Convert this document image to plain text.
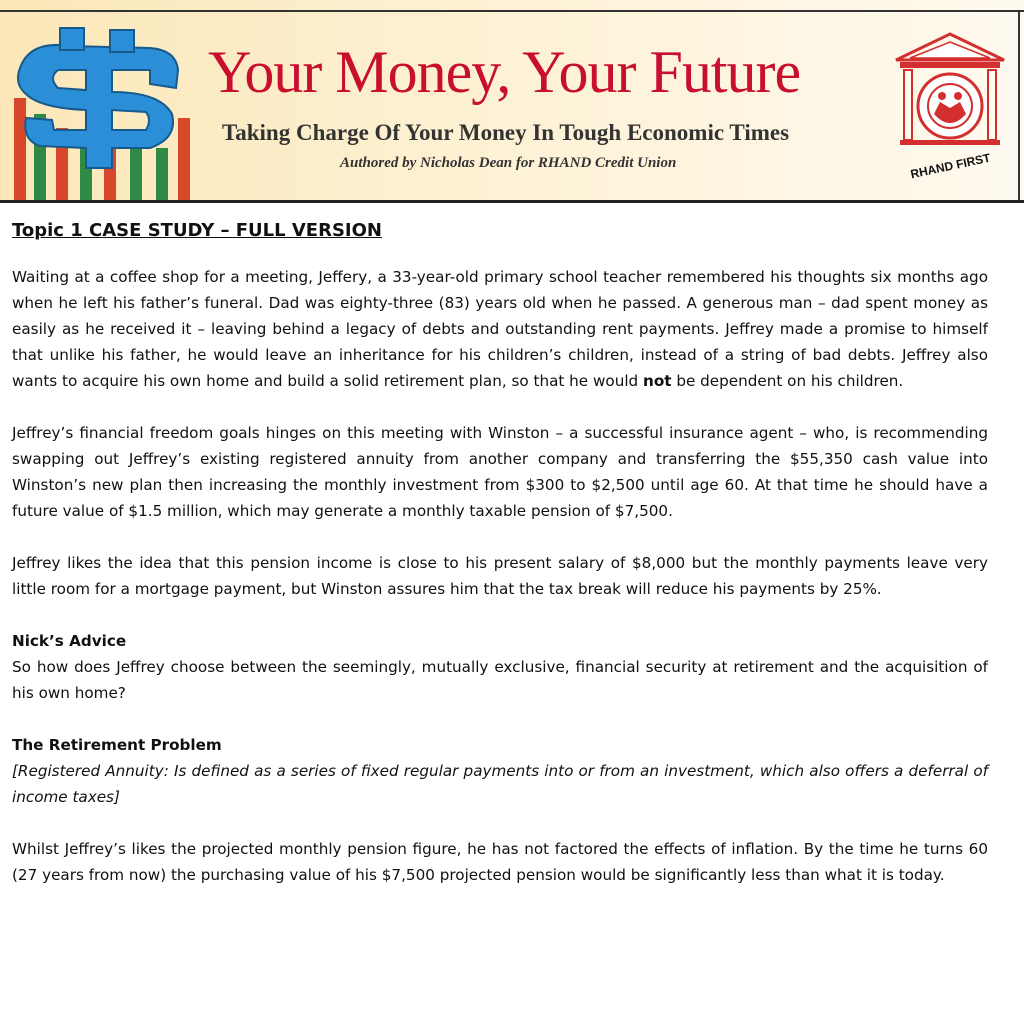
Your Money, Your Future
Taking Charge Of Your Money In Tough Economic Times
Authored by Nicholas Dean for RHAND Credit Union	RHAND FIRST
Topic 1 CASE STUDY – FULL VERSION

Waiting at a coffee shop for a meeting, Jeffery, a 33-year-old primary school teacher remembered his thoughts six months ago when he left his father’s funeral. Dad was eighty-three (83) years old when he passed. A generous man – dad spent money as easily as he received it – leaving behind a legacy of debts and outstanding rent payments. Jeffrey made a promise to himself that unlike his father, he would leave an inheritance for his children’s children, instead of a string of bad debts. Jeffrey also wants to acquire his own home and build a solid retirement plan, so that he would not be dependent on his children.

Jeffrey’s financial freedom goals hinges on this meeting with Winston – a successful insurance agent – who, is recommending swapping out Jeffrey’s existing registered annuity from another company and transferring the $55,350 cash value into Winston’s new plan then increasing the monthly investment from $300 to $2,500 until age 60. At that time he should have a future value of $1.5 million, which may generate a monthly taxable pension of $7,500.

Jeffrey likes the idea that this pension income is close to his present salary of $8,000 but the monthly payments leave very little room for a mortgage payment, but Winston assures him that the tax break will reduce his payments by 25%.

Nick’s Advice

So how does Jeffrey choose between the seemingly, mutually exclusive, financial security at retirement and the acquisition of his own home?

The Retirement Problem

[Registered Annuity: Is defined as a series of fixed regular payments into or from an investment, which also offers a deferral of income taxes]

Whilst Jeffrey’s likes the projected monthly pension figure, he has not factored the effects of inflation. By the time he turns 60 (27 years from now) the purchasing value of his $7,500 projected pension would be significantly less than what it is today.
